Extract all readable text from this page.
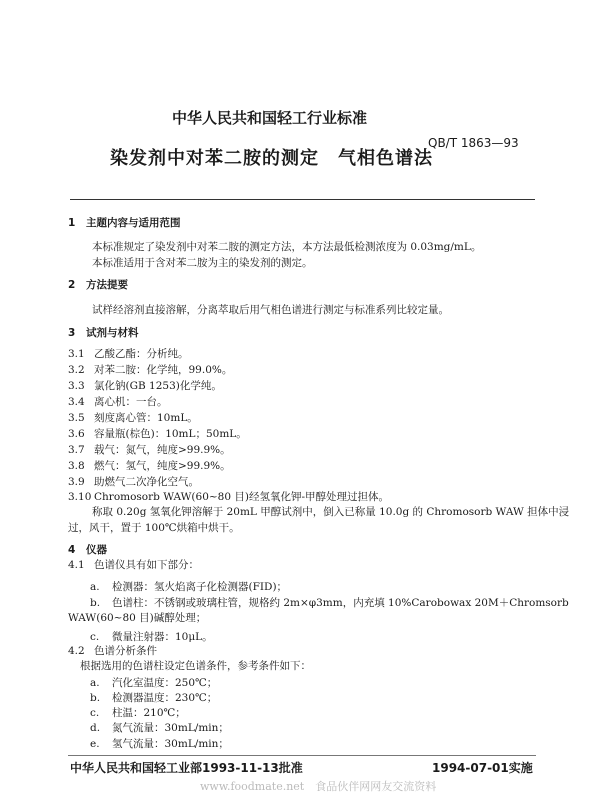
中华人民共和国轻工行业标准
QB/T 1863—93
染发剂中对苯二胺的测定　气相色谱法
1 主题内容与适用范围
本标准规定了染发剂中对苯二胺的测定方法，本方法最低检测浓度为 0.03mg/mL。
本标准适用于含对苯二胺为主的染发剂的测定。
2 方法提要
试样经溶剂直接溶解，分离萃取后用气相色谱进行测定与标准系列比较定量。
3 试剂与材料
3.1 乙酸乙酯：分析纯。
3.2 对苯二胺：化学纯，99.0%。
3.3 氯化钠(GB 1253)化学纯。
3.4 离心机：一台。
3.5 刻度离心管：10mL。
3.6 容量瓶(棕色)：10mL；50mL。
3.7 载气：氮气，纯度>99.9%。
3.8 燃气：氢气，纯度>99.9%。
3.9 助燃气二次净化空气。
3.10 Chromosorb WAW(60~80 目)经氢氧化钾-甲醇处理过担体。
称取 0.20g 氢氧化钾溶解于 20mL 甲醇试剂中，倒入已称量 10.0g 的 Chromosorb WAW 担体中浸
过，风干，置于 100℃烘箱中烘干。
4 仪器
4.1 色谱仪具有如下部分：
a. 检测器：氢火焰离子化检测器(FID)；
b. 色谱柱：不锈钢或玻璃柱管，规格约 2m×φ3mm，内充填 10%Carobowax 20M＋Chromsorb
WAW(60~80 目)碱醇处理；
c. 微量注射器：10μL。
4.2 色谱分析条件
根据选用的色谱柱设定色谱条件，参考条件如下：
a. 汽化室温度：250℃；
b. 检测器温度：230℃；
c. 柱温：210℃；
d. 氮气流量：30mL/min；
e. 氢气流量：30mL/min；
中华人民共和国轻工业部1993-11-13批准	1994-07-01实施
www.foodmate.net　食品伙伴网网友交流资料
